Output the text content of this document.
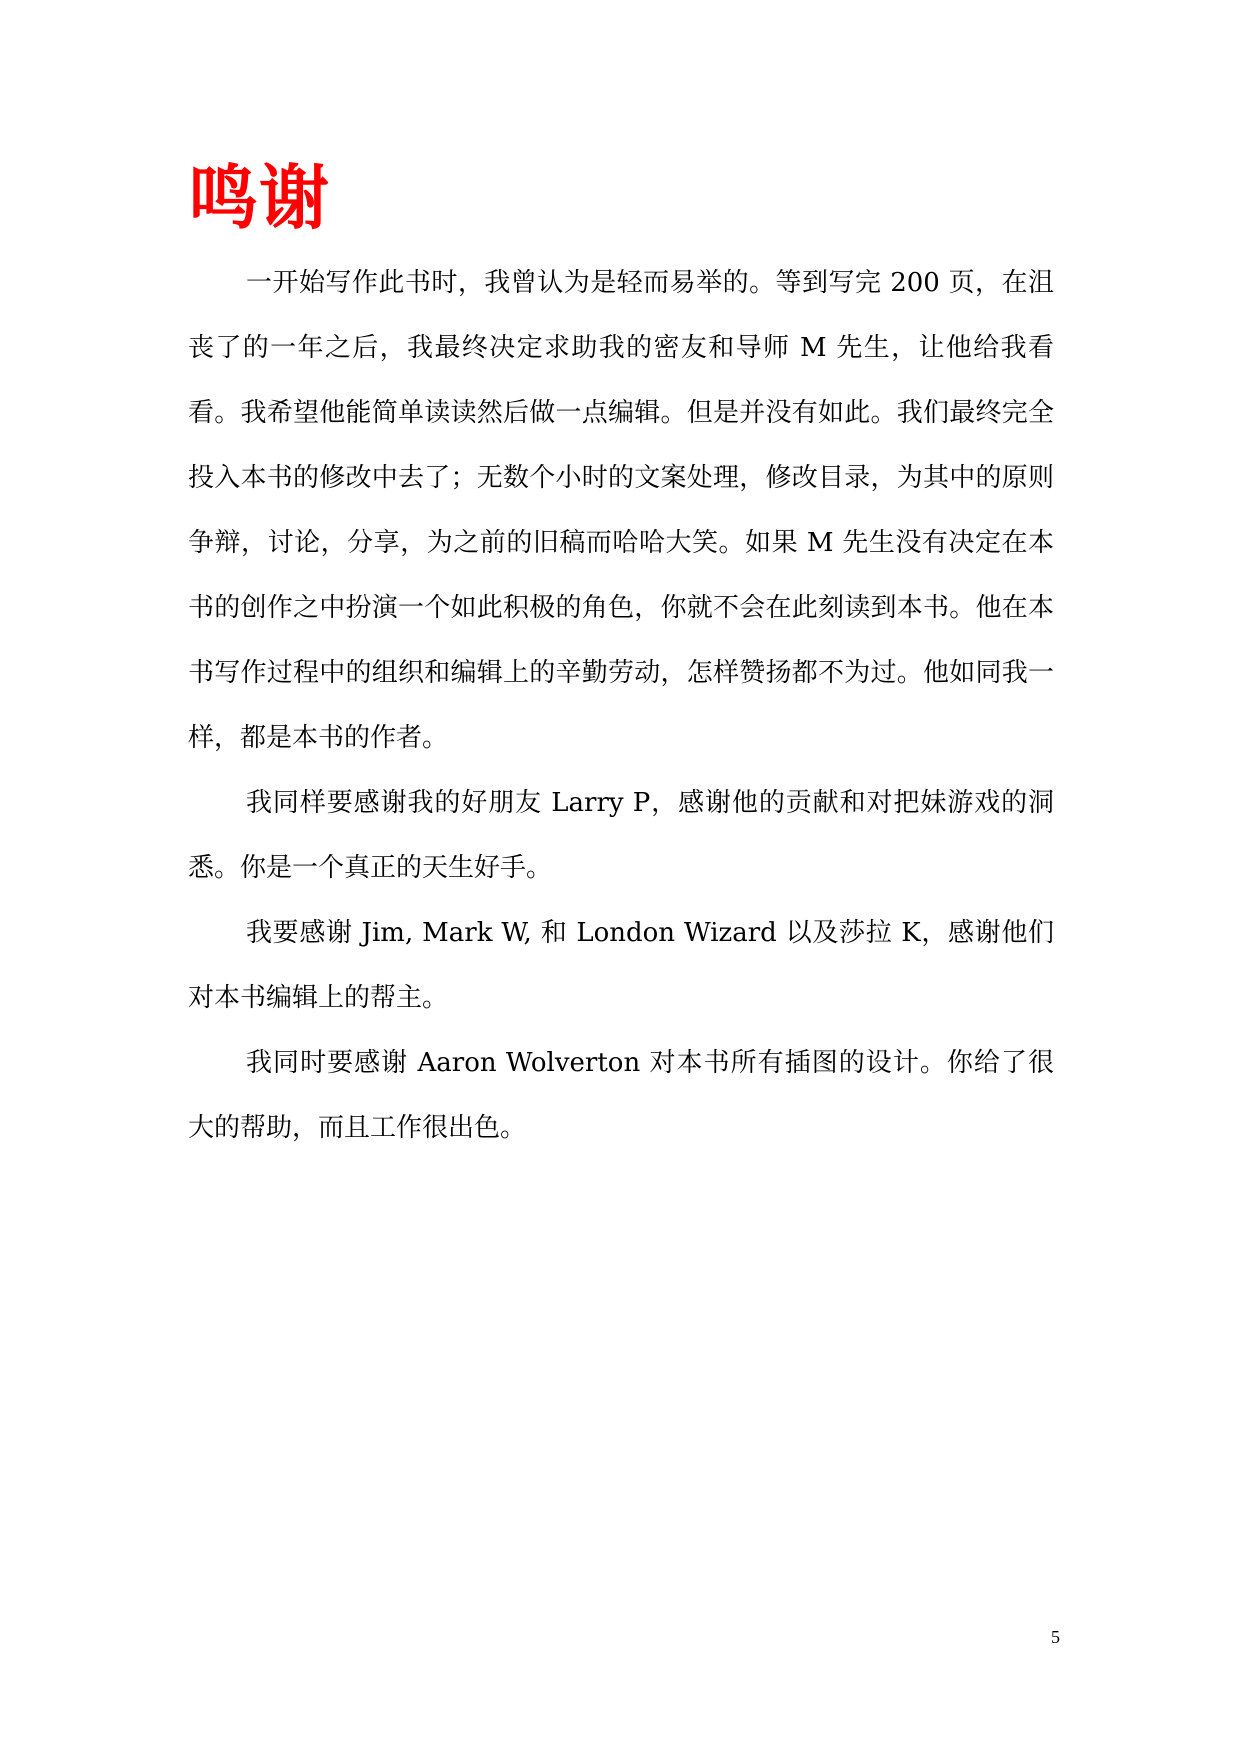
鸣谢

一开始写作此书时，我曾认为是轻而易举的。等到写完 200 页，在沮丧了的一年之后，我最终决定求助我的密友和导师 M 先生，让他给我看看。我希望他能简单读读然后做一点编辑。但是并没有如此。我们最终完全投入本书的修改中去了；无数个小时的文案处理，修改目录，为其中的原则争辩，讨论，分享，为之前的旧稿而哈哈大笑。如果 M 先生没有决定在本书的创作之中扮演一个如此积极的角色，你就不会在此刻读到本书。他在本书写作过程中的组织和编辑上的辛勤劳动，怎样赞扬都不为过。他如同我一样，都是本书的作者。

我同样要感谢我的好朋友 Larry P，感谢他的贡献和对把妹游戏的洞悉。你是一个真正的天生好手。

我要感谢 Jim, Mark W, 和 London Wizard 以及莎拉 K，感谢他们对本书编辑上的帮主。

我同时要感谢 Aaron Wolverton 对本书所有插图的设计。你给了很大的帮助，而且工作很出色。

5
